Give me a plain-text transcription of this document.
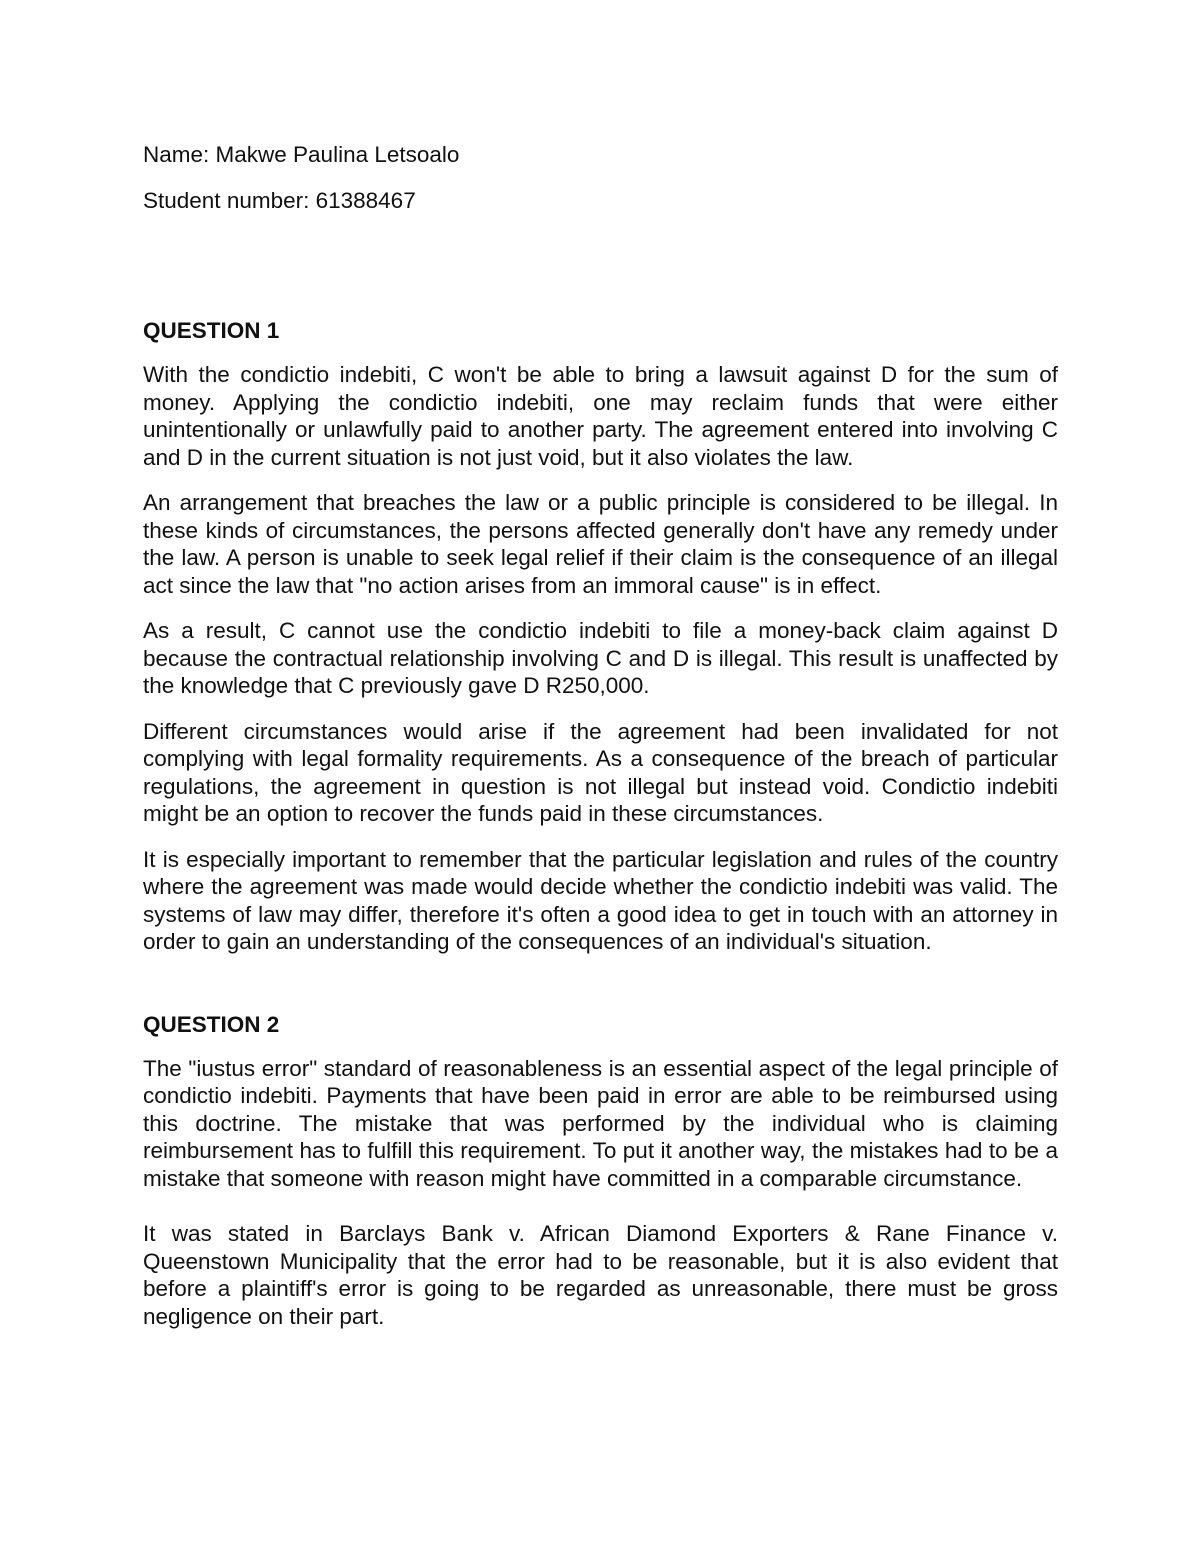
Name: Makwe Paulina Letsoalo

Student number: 61388467

QUESTION 1

With the condictio indebiti, C won't be able to bring a lawsuit against D for the sum of money. Applying the condictio indebiti, one may reclaim funds that were either unintentionally or unlawfully paid to another party. The agreement entered into involving C and D in the current situation is not just void, but it also violates the law.

An arrangement that breaches the law or a public principle is considered to be illegal. In these kinds of circumstances, the persons affected generally don't have any remedy under the law. A person is unable to seek legal relief if their claim is the consequence of an illegal act since the law that "no action arises from an immoral cause" is in effect.

As a result, C cannot use the condictio indebiti to file a money-back claim against D because the contractual relationship involving C and D is illegal. This result is unaffected by the knowledge that C previously gave D R250,000.

Different circumstances would arise if the agreement had been invalidated for not complying with legal formality requirements. As a consequence of the breach of particular regulations, the agreement in question is not illegal but instead void. Condictio indebiti might be an option to recover the funds paid in these circumstances.

It is especially important to remember that the particular legislation and rules of the country where the agreement was made would decide whether the condictio indebiti was valid. The systems of law may differ, therefore it's often a good idea to get in touch with an attorney in order to gain an understanding of the consequences of an individual's situation.

QUESTION 2

The "iustus error" standard of reasonableness is an essential aspect of the legal principle of condictio indebiti. Payments that have been paid in error are able to be reimbursed using this doctrine. The mistake that was performed by the individual who is claiming reimbursement has to fulfill this requirement. To put it another way, the mistakes had to be a mistake that someone with reason might have committed in a comparable circumstance.

It was stated in Barclays Bank v. African Diamond Exporters & Rane Finance v. Queenstown Municipality that the error had to be reasonable, but it is also evident that before a plaintiff's error is going to be regarded as unreasonable, there must be gross negligence on their part.
